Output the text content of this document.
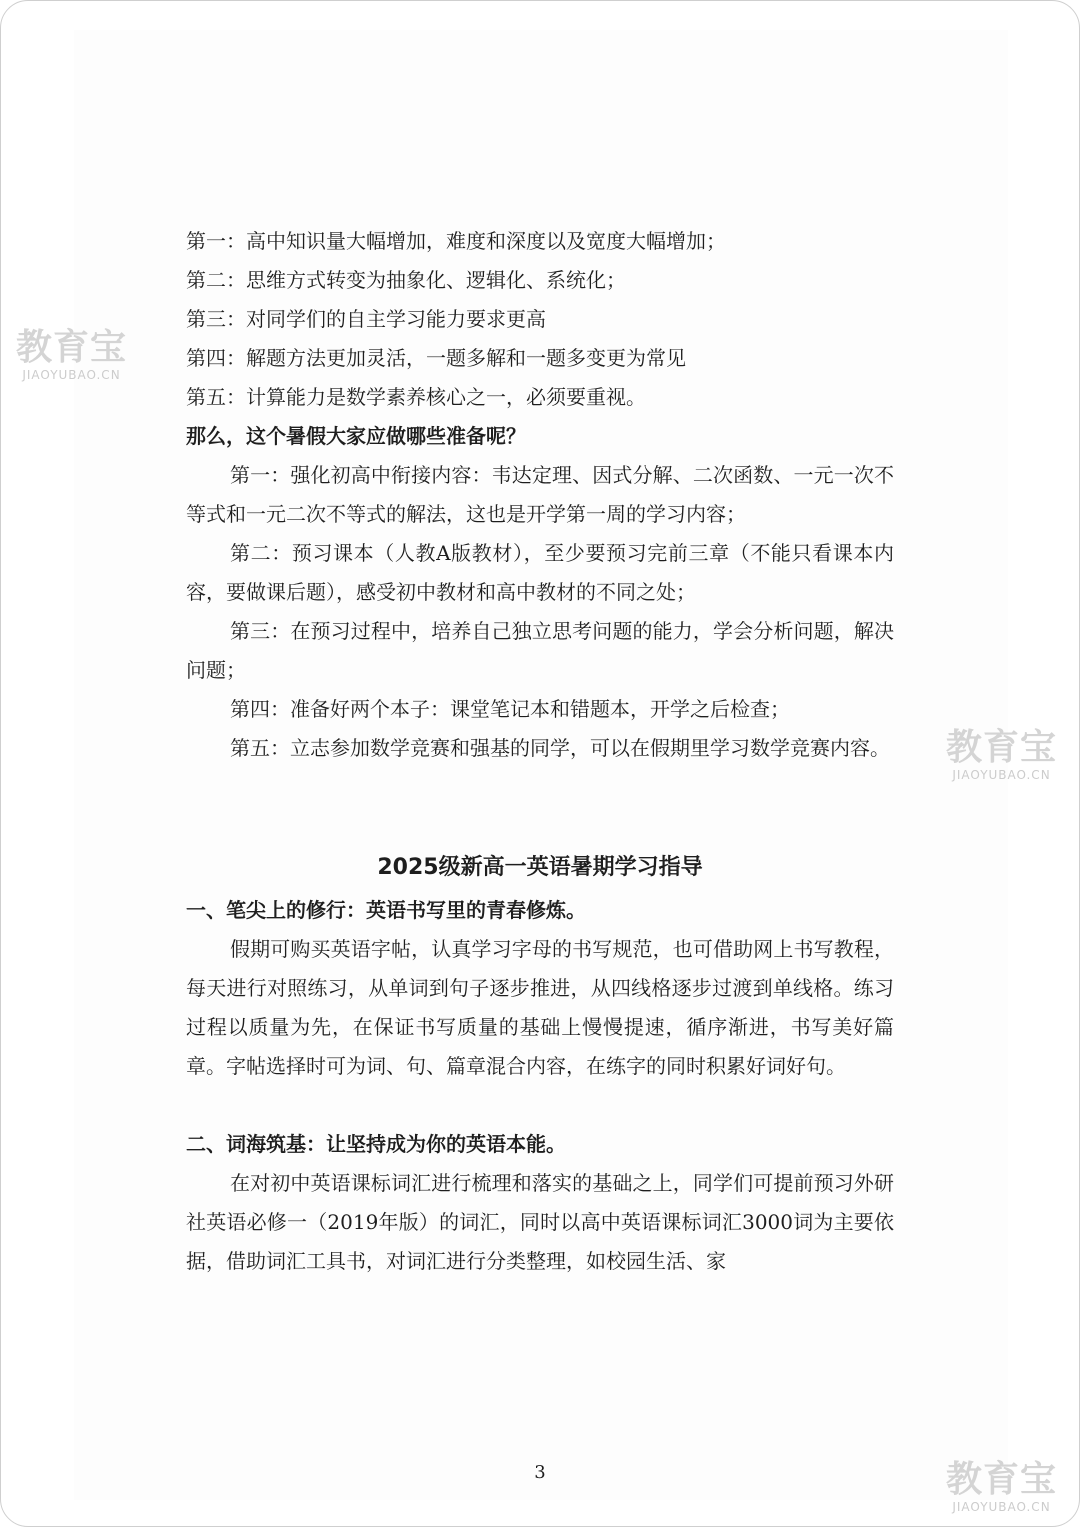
第一：高中知识量大幅增加，难度和深度以及宽度大幅增加；

第二：思维方式转变为抽象化、逻辑化、系统化；

第三：对同学们的自主学习能力要求更高

第四：解题方法更加灵活，一题多解和一题多变更为常见

第五：计算能力是数学素养核心之一，必须要重视。

那么，这个暑假大家应做哪些准备呢？

第一：强化初高中衔接内容：韦达定理、因式分解、二次函数、一元一次不等式和一元二次不等式的解法，这也是开学第一周的学习内容；

第二：预习课本（人教A版教材），至少要预习完前三章（不能只看课本内容，要做课后题），感受初中教材和高中教材的不同之处；

第三：在预习过程中，培养自己独立思考问题的能力，学会分析问题，解决问题；

第四：准备好两个本子：课堂笔记本和错题本，开学之后检查；

第五：立志参加数学竞赛和强基的同学，可以在假期里学习数学竞赛内容。

2025级新高一英语暑期学习指导

一、笔尖上的修行：英语书写里的青春修炼。

假期可购买英语字帖，认真学习字母的书写规范，也可借助网上书写教程，每天进行对照练习，从单词到句子逐步推进，从四线格逐步过渡到单线格。练习过程以质量为先，在保证书写质量的基础上慢慢提速，循序渐进，书写美好篇章。字帖选择时可为词、句、篇章混合内容，在练字的同时积累好词好句。

二、词海筑基：让坚持成为你的英语本能。

在对初中英语课标词汇进行梳理和落实的基础之上，同学们可提前预习外研社英语必修一（2019年版）的词汇，同时以高中英语课标词汇3000词为主要依据，借助词汇工具书，对词汇进行分类整理，如校园生活、家

3
教育宝
JIAOYUBAO.CN
教育宝
JIAOYUBAO.CN
教育宝
JIAOYUBAO.CN
